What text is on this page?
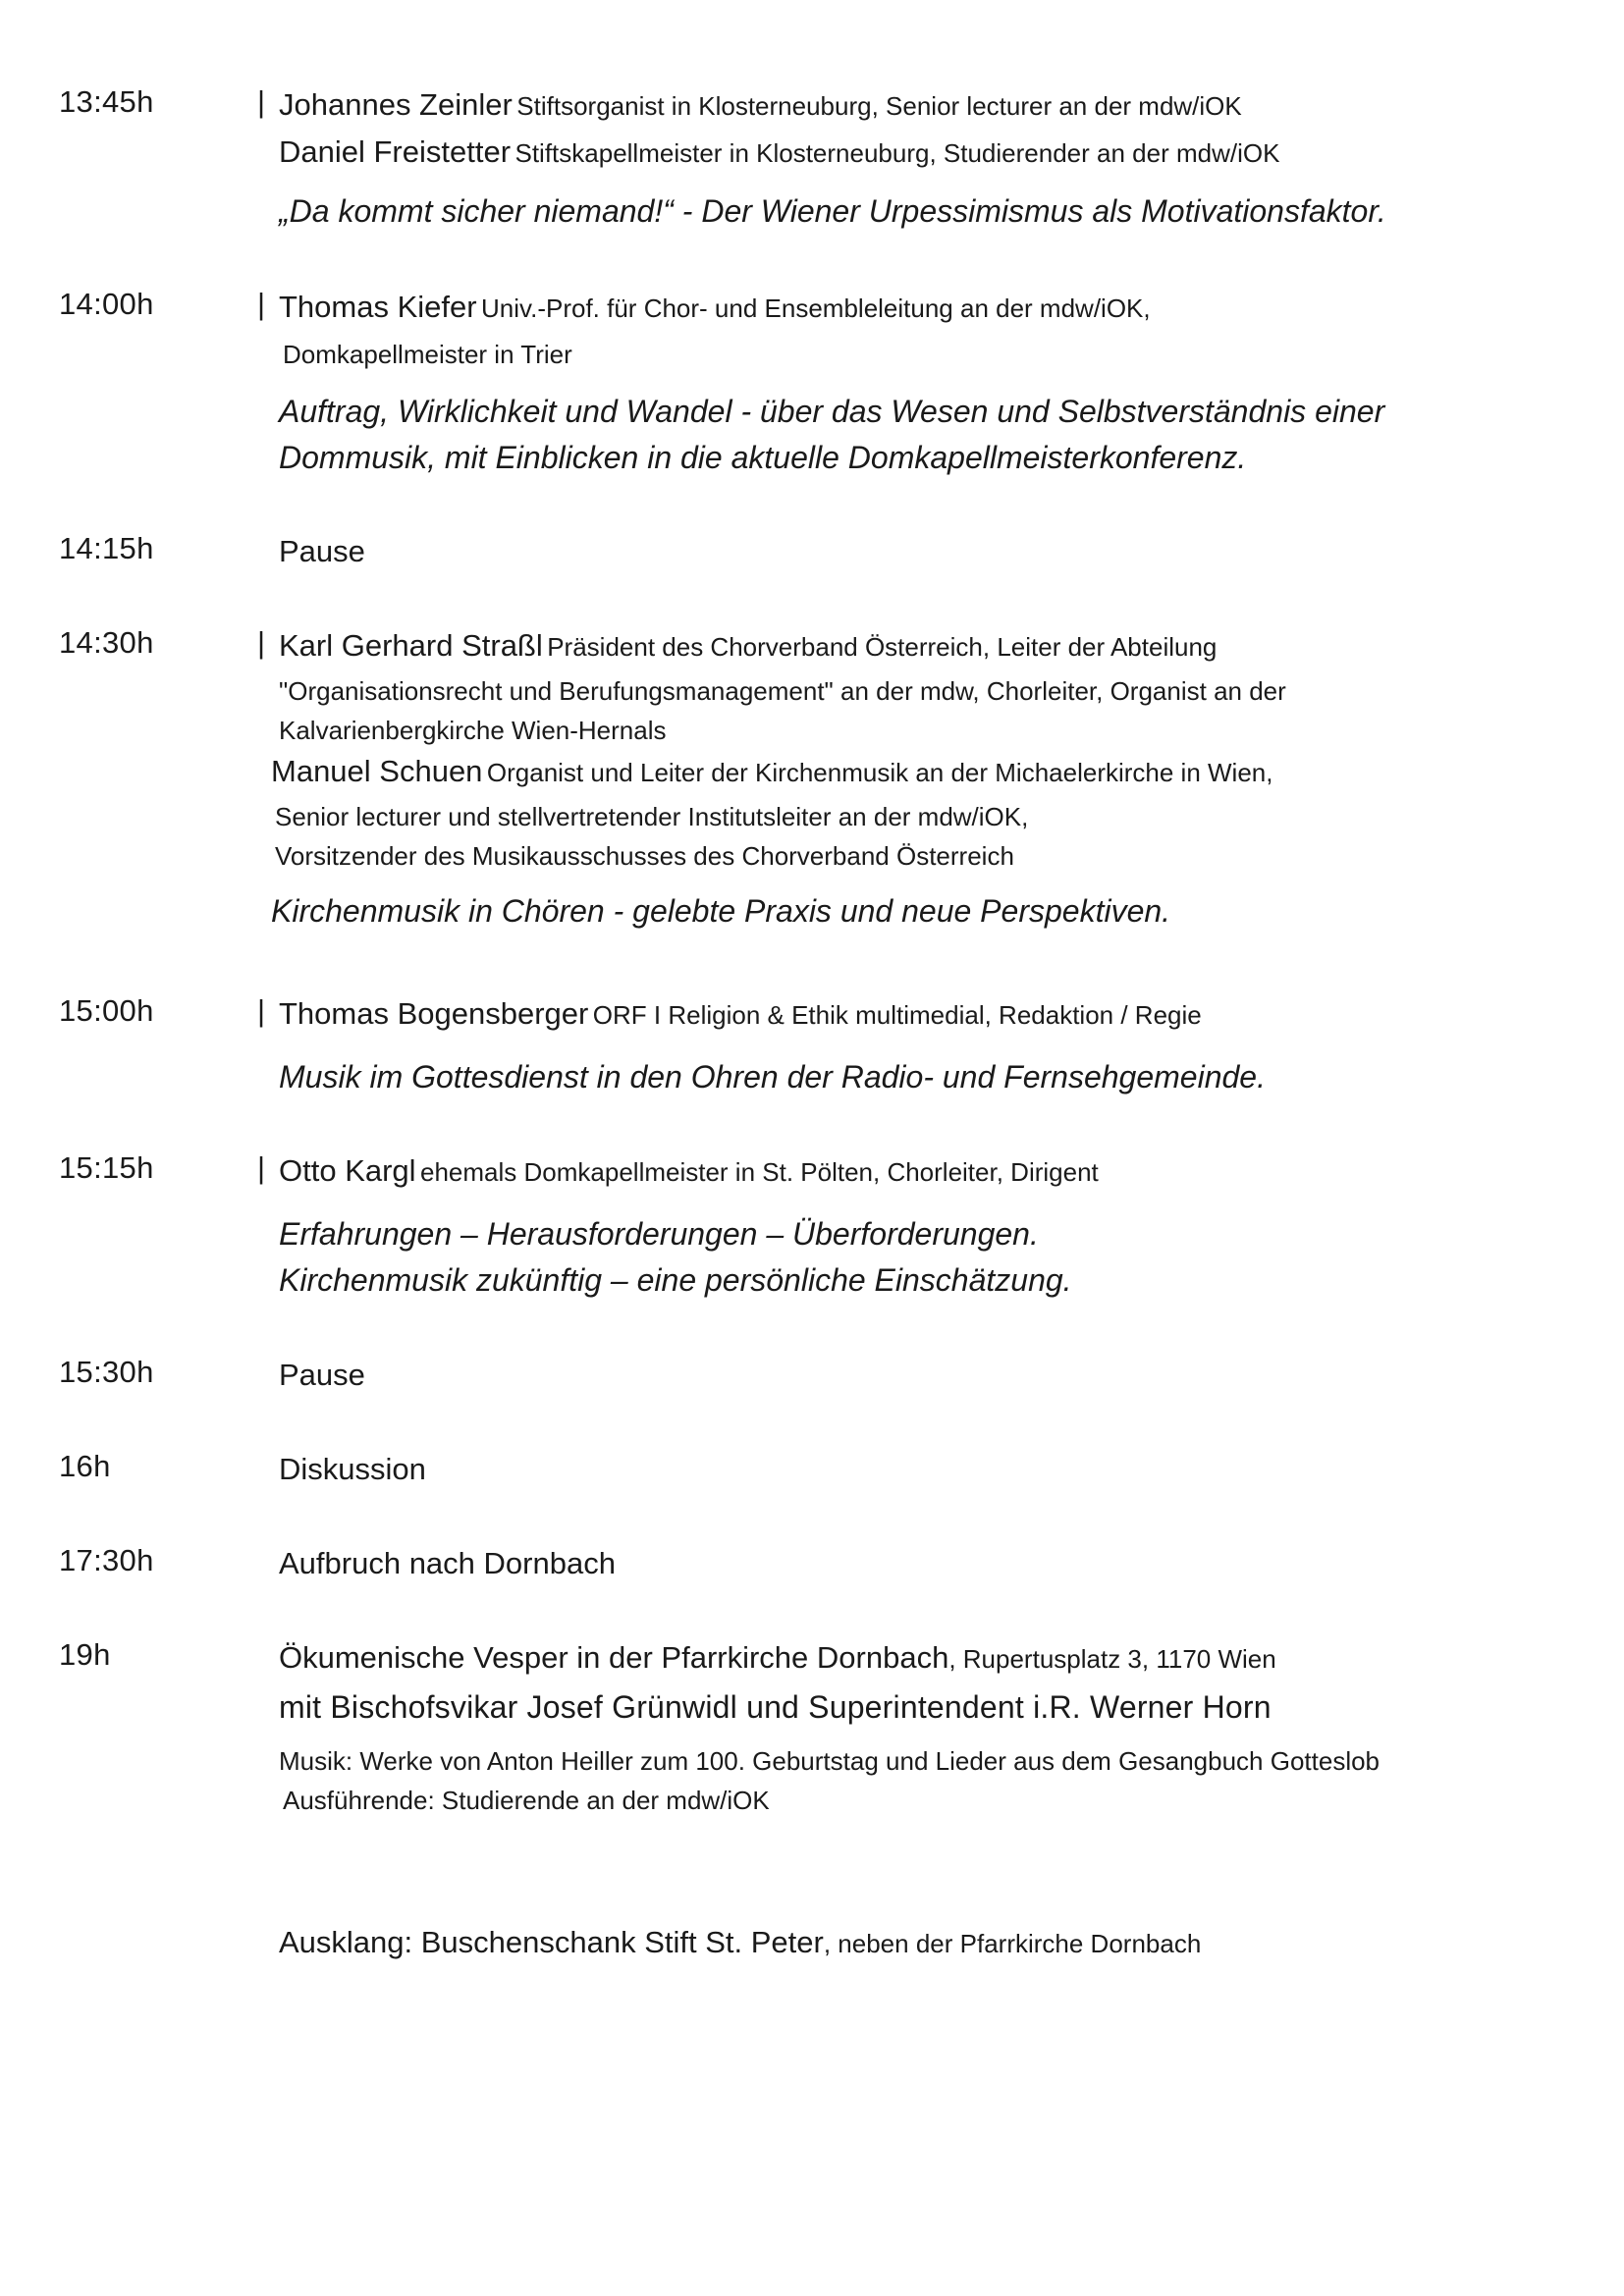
13:45h	| Johannes Zeinler Stiftsorganist in Klosterneuburg, Senior lecturer an der mdw/iOK
Daniel Freistetter Stiftskapellmeister in Klosterneuburg, Studierender an der mdw/iOK
„Da kommt sicher niemand!“ - Der Wiener Urpessimismus als Motivationsfaktor.
14:00h	| Thomas Kiefer Univ.-Prof. für Chor- und Ensembleleitung an der mdw/iOK,
Domkapellmeister in Trier
Auftrag, Wirklichkeit und Wandel - über das Wesen und Selbstverständnis einer
Dommusik, mit Einblicken in die aktuelle Domkapellmeisterkonferenz.
14:15h	Pause
14:30h	| Karl Gerhard Straßl Präsident des Chorverband Österreich, Leiter der Abteilung
"Organisationsrecht und Berufungsmanagement" an der mdw, Chorleiter, Organist an der
Kalvarienbergkirche Wien-Hernals
Manuel Schuen Organist und Leiter der Kirchenmusik an der Michaelerkirche in Wien,
Senior lecturer und stellvertretender Institutsleiter an der mdw/iOK,
Vorsitzender des Musikausschusses des Chorverband Österreich
Kirchenmusik in Chören - gelebte Praxis und neue Perspektiven.
15:00h	| Thomas Bogensberger ORF I Religion & Ethik multimedial, Redaktion / Regie
Musik im Gottesdienst in den Ohren der Radio- und Fernsehgemeinde.
15:15h	| Otto Kargl ehemals Domkapellmeister in St. Pölten, Chorleiter, Dirigent
Erfahrungen – Herausforderungen – Überforderungen.
Kirchenmusik zukünftig – eine persönliche Einschätzung.
15:30h	Pause
16h	Diskussion
17:30h	Aufbruch nach Dornbach
19h	Ökumenische Vesper in der Pfarrkirche Dornbach, Rupertusplatz 3, 1170 Wien
mit Bischofsvikar Josef Grünwidl und Superintendent i.R. Werner Horn
Musik: Werke von Anton Heiller zum 100. Geburtstag und Lieder aus dem Gesangbuch Gotteslob
Ausführende: Studierende an der mdw/iOK
Ausklang: Buschenschank Stift St. Peter, neben der Pfarrkirche Dornbach
